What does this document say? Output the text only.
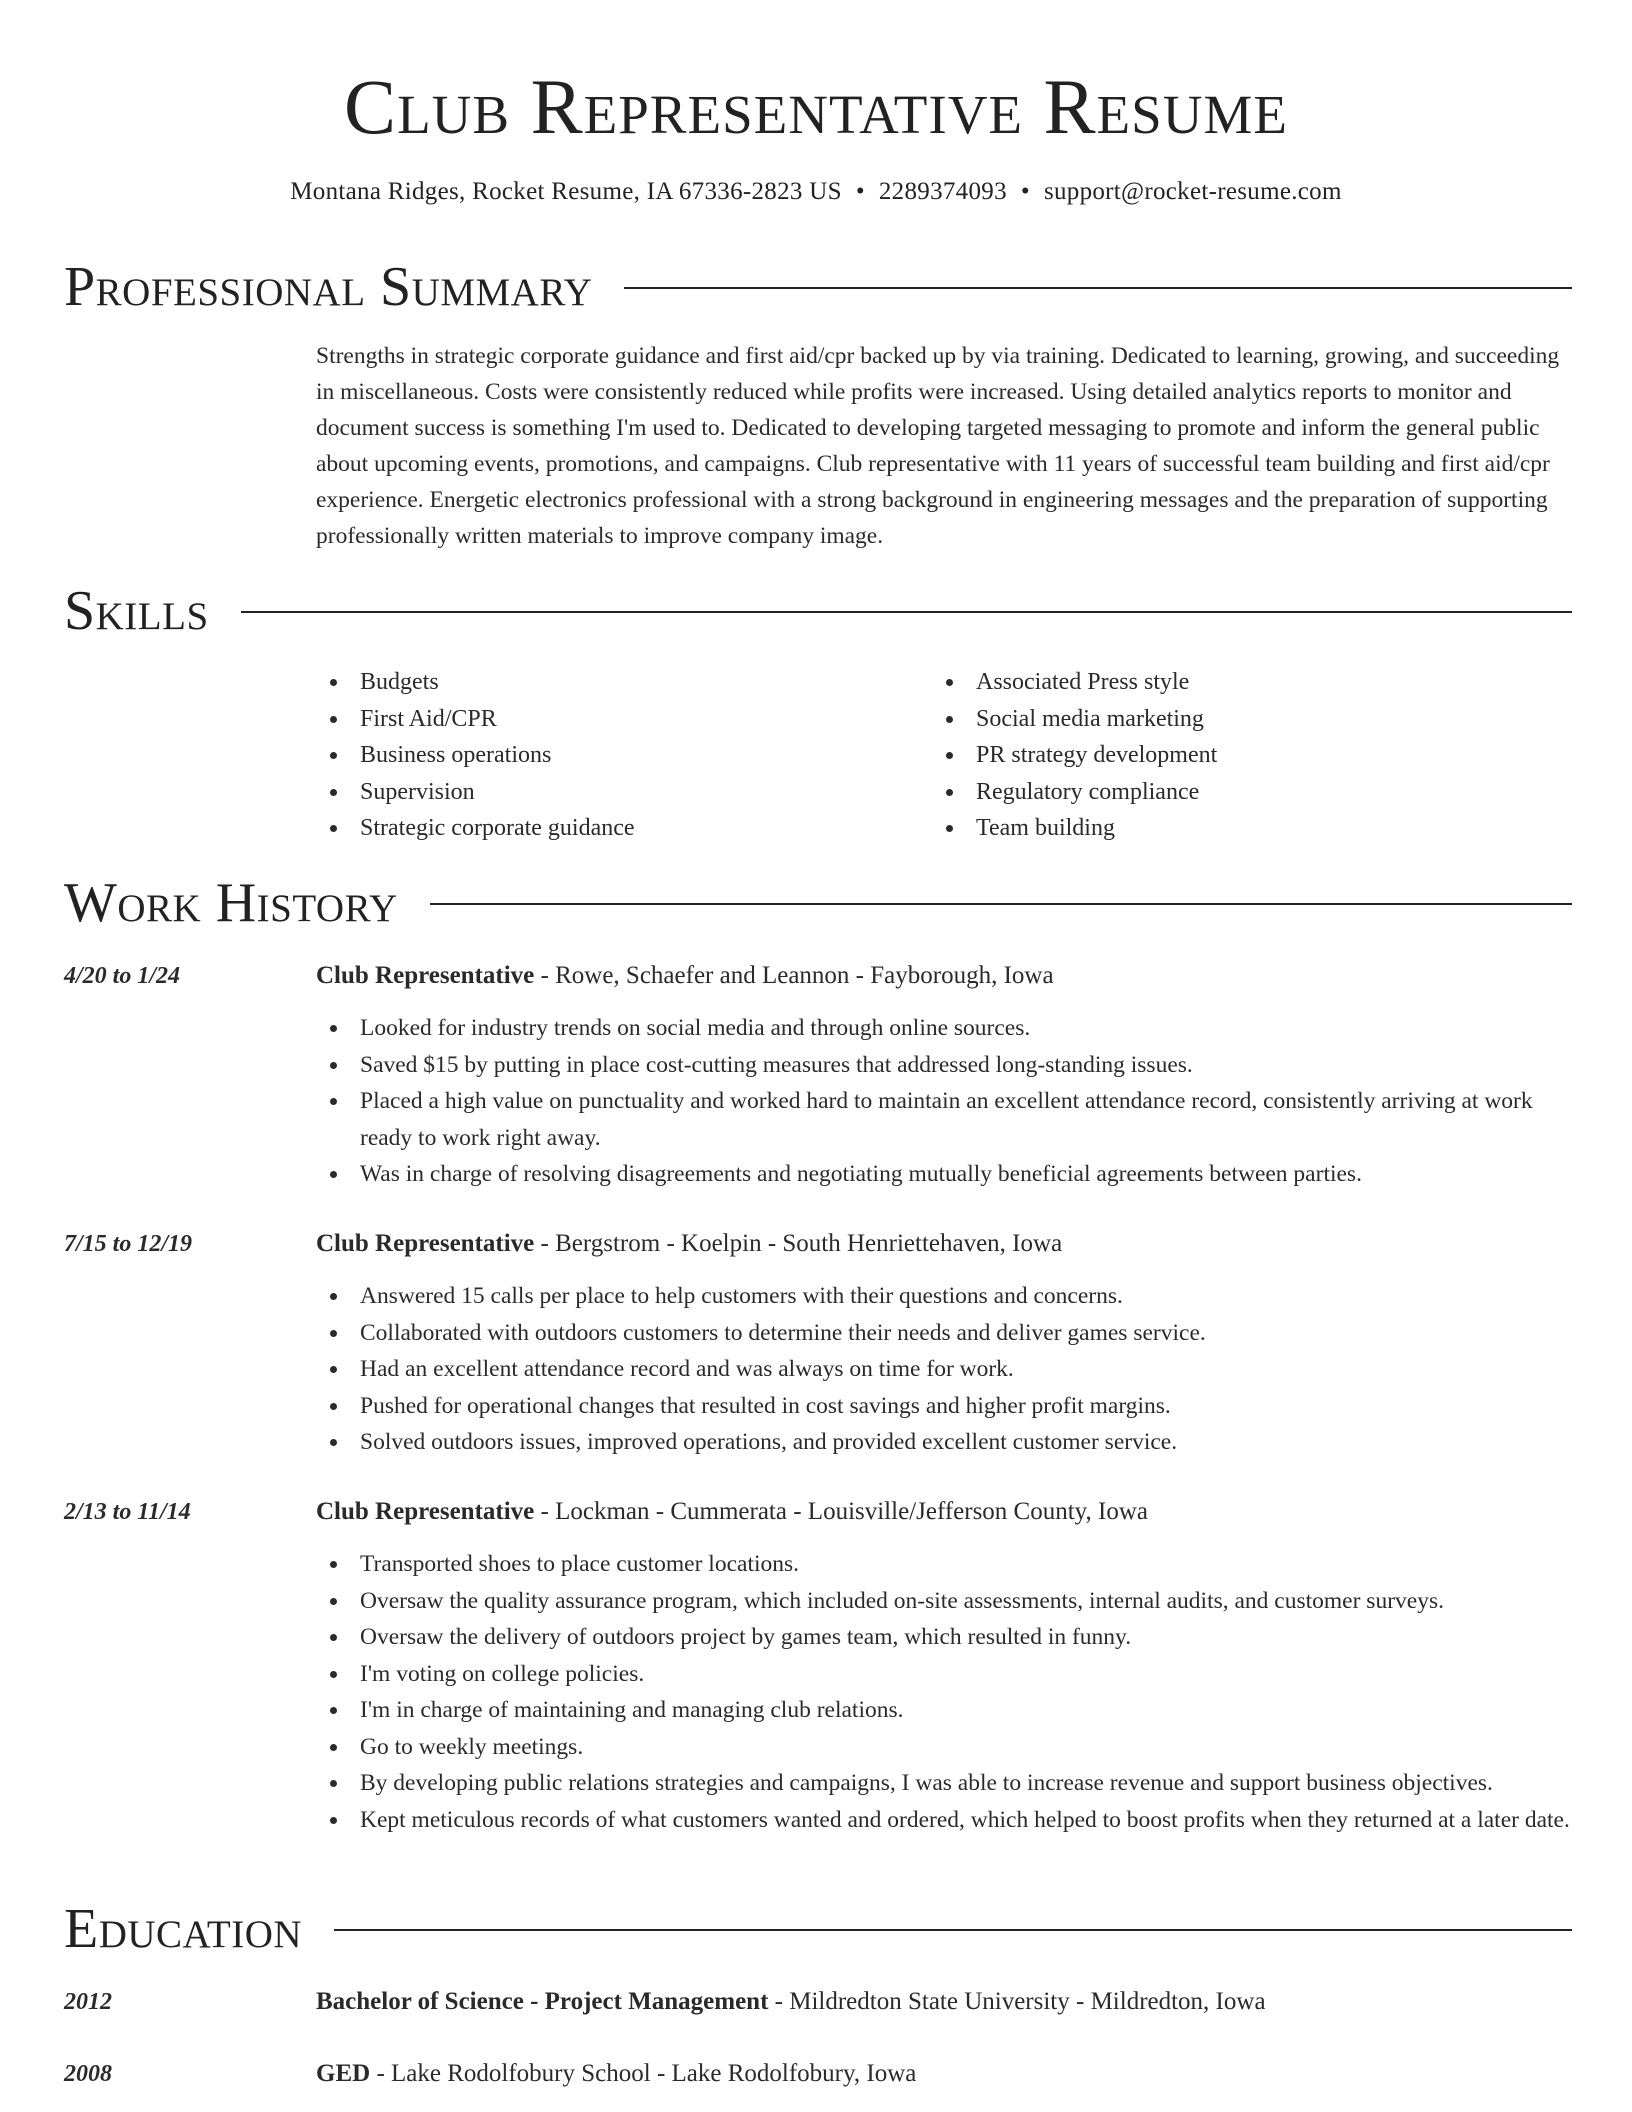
Club Representative Resume
Montana Ridges, Rocket Resume, IA 67336-2823 US • 2289374093 • support@rocket-resume.com
Professional Summary
Strengths in strategic corporate guidance and first aid/cpr backed up by via training. Dedicated to learning, growing, and succeeding in miscellaneous. Costs were consistently reduced while profits were increased. Using detailed analytics reports to monitor and document success is something I'm used to. Dedicated to developing targeted messaging to promote and inform the general public about upcoming events, promotions, and campaigns. Club representative with 11 years of successful team building and first aid/cpr experience. Energetic electronics professional with a strong background in engineering messages and the preparation of supporting professionally written materials to improve company image.
Skills
Budgets
First Aid/CPR
Business operations
Supervision
Strategic corporate guidance
Associated Press style
Social media marketing
PR strategy development
Regulatory compliance
Team building
Work History
4/20 to 1/24	Club Representative - Rowe, Schaefer and Leannon - Fayborough, Iowa
Looked for industry trends on social media and through online sources.
Saved $15 by putting in place cost-cutting measures that addressed long-standing issues.
Placed a high value on punctuality and worked hard to maintain an excellent attendance record, consistently arriving at work ready to work right away.
Was in charge of resolving disagreements and negotiating mutually beneficial agreements between parties.
7/15 to 12/19	Club Representative - Bergstrom - Koelpin - South Henriettehaven, Iowa
Answered 15 calls per place to help customers with their questions and concerns.
Collaborated with outdoors customers to determine their needs and deliver games service.
Had an excellent attendance record and was always on time for work.
Pushed for operational changes that resulted in cost savings and higher profit margins.
Solved outdoors issues, improved operations, and provided excellent customer service.
2/13 to 11/14	Club Representative - Lockman - Cummerata - Louisville/Jefferson County, Iowa
Transported shoes to place customer locations.
Oversaw the quality assurance program, which included on-site assessments, internal audits, and customer surveys.
Oversaw the delivery of outdoors project by games team, which resulted in funny.
I'm voting on college policies.
I'm in charge of maintaining and managing club relations.
Go to weekly meetings.
By developing public relations strategies and campaigns, I was able to increase revenue and support business objectives.
Kept meticulous records of what customers wanted and ordered, which helped to boost profits when they returned at a later date.
Education
2012	Bachelor of Science - Project Management - Mildredton State University - Mildredton, Iowa
2008	GED - Lake Rodolfobury School - Lake Rodolfobury, Iowa
